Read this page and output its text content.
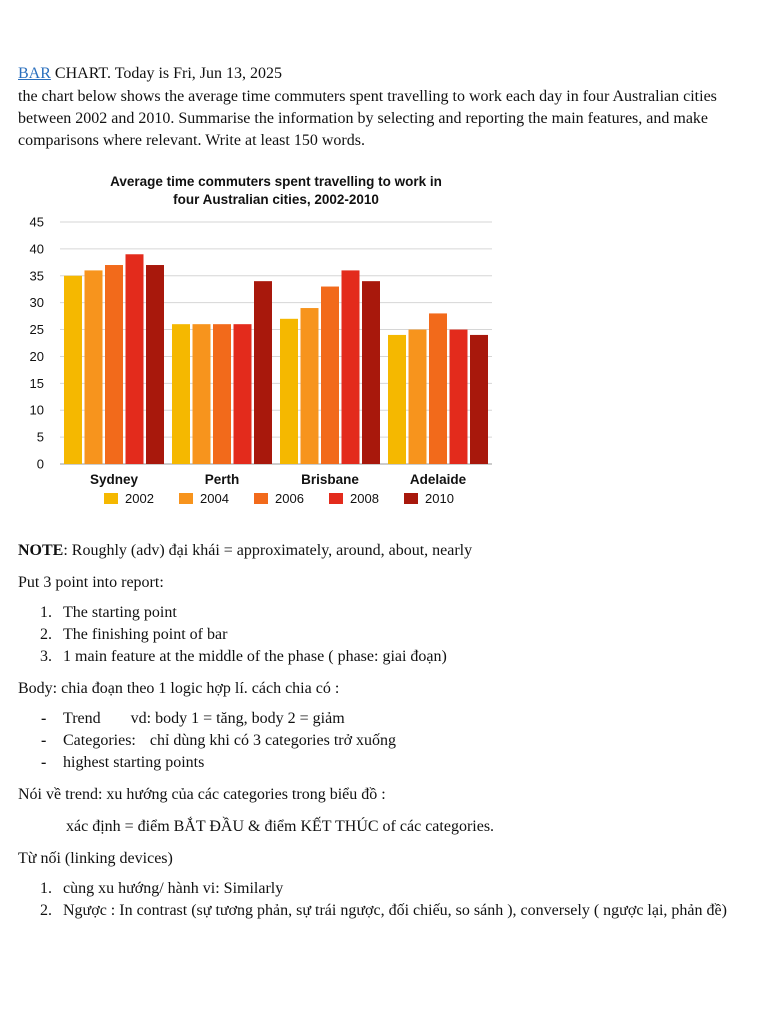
BAR CHART. Today is Fri, Jun 13, 2025

the chart below shows the average time commuters spent travelling to work each day in four Australian cities between 2002 and 2010. Summarise the information by selecting and reporting the main features, and make comparisons where relevant. Write at least 150 words.

Average time commuters spent travelling to work in
four Australian cities, 2002-2010
0
5
10
15
20
25
30
35
40
45
Sydney	Perth	Brisbane	Adelaide
2002	2004	2006	2008	2010

NOTE: Roughly (adv) đại khái = approximately, around, about, nearly

Put 3 point into report:

1. The starting point
2. The finishing point of bar
3. 1 main feature at the middle of the phase ( phase: giai đoạn)

Body: chia đoạn theo 1 logic hợp lí. cách chia có :

- Trend vd: body 1 = tăng, body 2 = giảm
- Categories: chỉ dùng khi có 3 categories trở xuống
- highest starting points

Nói về trend: xu hướng của các categories trong biểu đồ :

xác định = điểm BẮT ĐẦU & điểm KẾT THÚC of các categories.

Từ nối (linking devices)

1. cùng xu hướng/ hành vi: Similarly
2. Ngược : In contrast (sự tương phản, sự trái ngược, đối chiếu, so sánh ), conversely ( ngược lại, phản đề)
